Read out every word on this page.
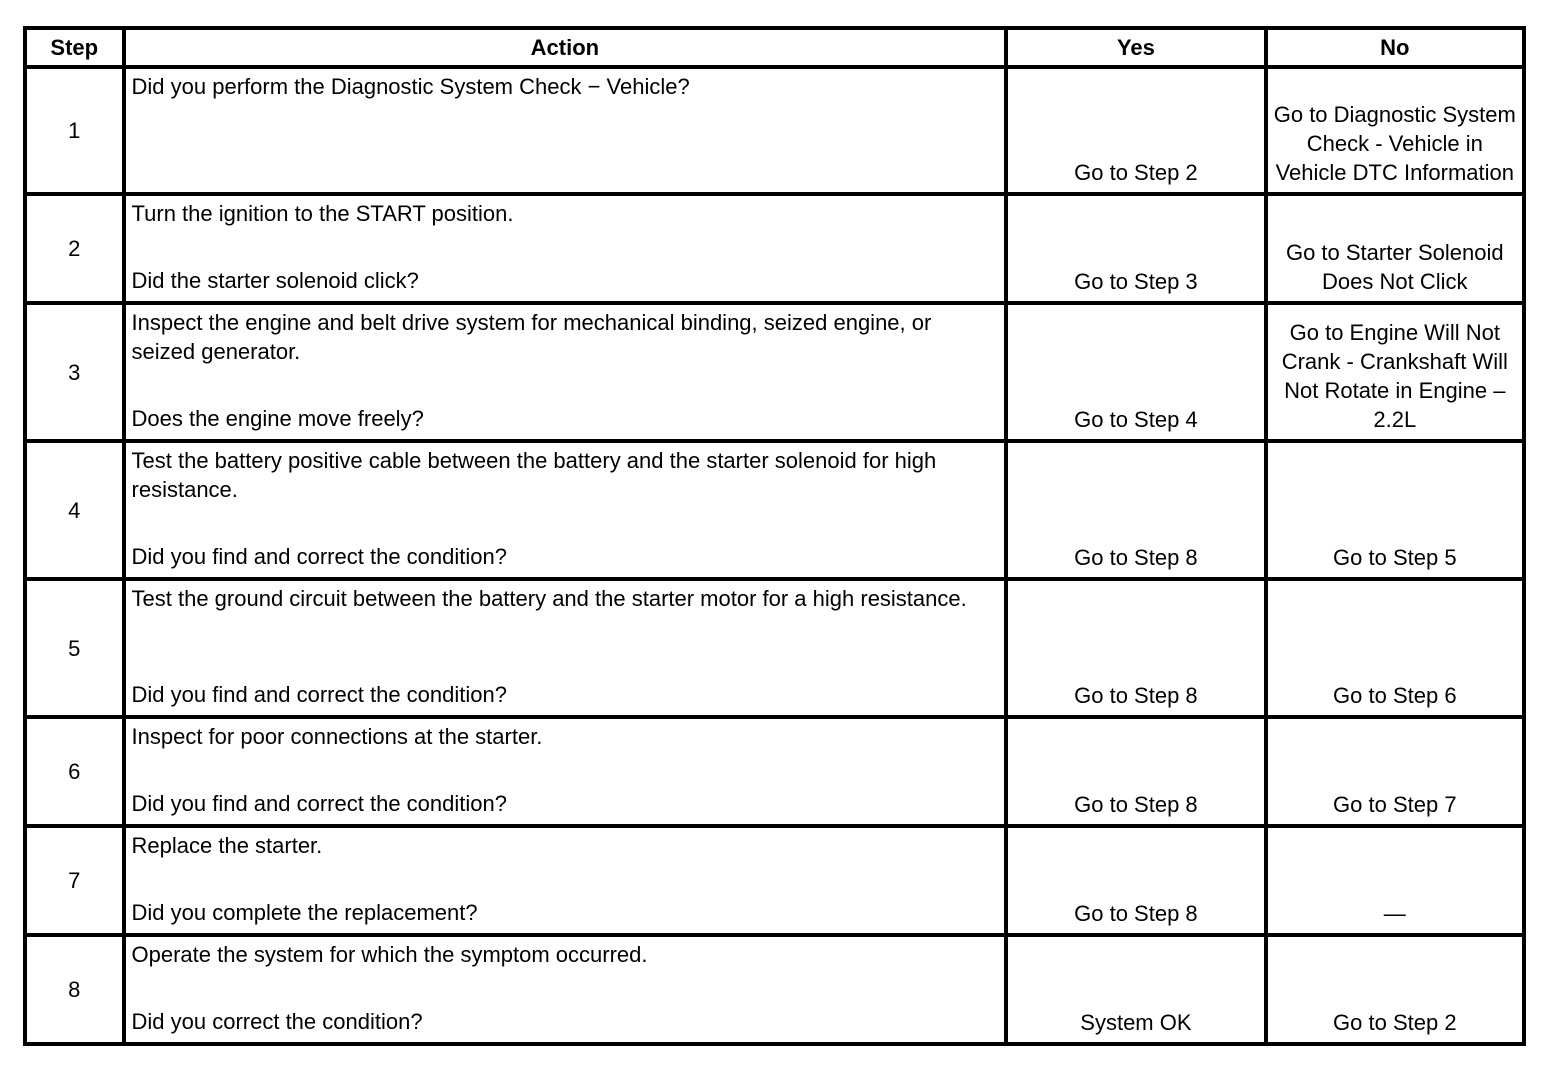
Step	Action	Yes	No
1	Did you perform the Diagnostic System Check − Vehicle?	Go to Step 2	Go to Diagnostic System Check - Vehicle in Vehicle DTC Information
2	Turn the ignition to the START position.
Did the starter solenoid click?	Go to Step 3	Go to Starter Solenoid Does Not Click
3	Inspect the engine and belt drive system for mechanical binding, seized engine, or seized generator.
Does the engine move freely?	Go to Step 4	Go to Engine Will Not Crank - Crankshaft Will Not Rotate in Engine – 2.2L
4	Test the battery positive cable between the battery and the starter solenoid for high resistance.
Did you find and correct the condition?	Go to Step 8	Go to Step 5
5	Test the ground circuit between the battery and the starter motor for a high resistance.
Did you find and correct the condition?	Go to Step 8	Go to Step 6
6	Inspect for poor connections at the starter.
Did you find and correct the condition?	Go to Step 8	Go to Step 7
7	Replace the starter.
Did you complete the replacement?	Go to Step 8	—
8	Operate the system for which the symptom occurred.
Did you correct the condition?	System OK	Go to Step 2
